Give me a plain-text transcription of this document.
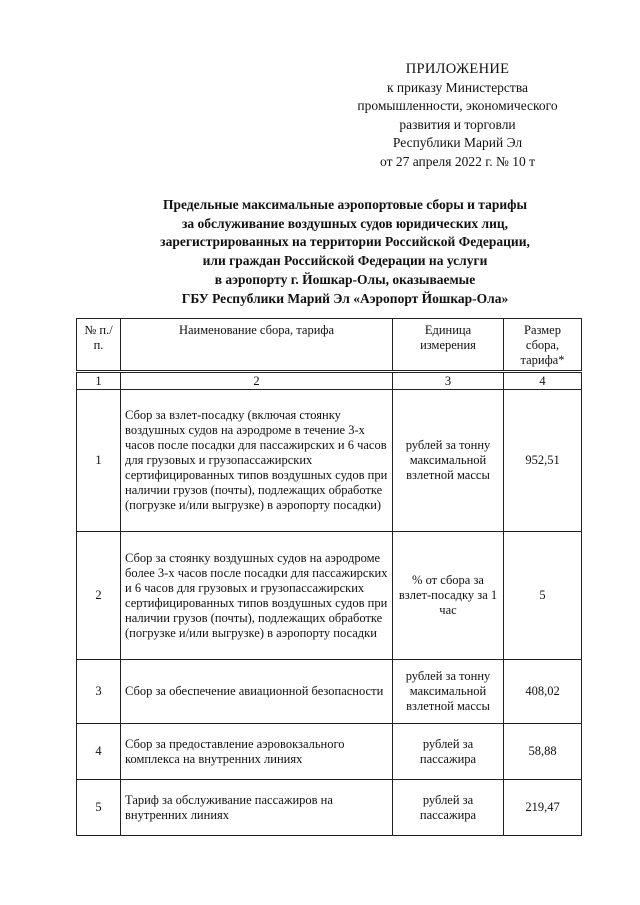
ПРИЛОЖЕНИЕ
к приказу Министерства
промышленности, экономического
развития и торговли
Республики Марий Эл
от 27 апреля 2022 г. № 10 т
Предельные максимальные аэропортовые сборы и тарифы
за обслуживание воздушных судов юридических лиц,
зарегистрированных на территории Российской Федерации,
или граждан Российской Федерации на услуги
в аэропорту г. Йошкар-Олы, оказываемые
ГБУ Республики Марий Эл «Аэропорт Йошкар-Ола»
№ п./п.	Наименование сбора, тарифа	Единица измерения	Размер сбора, тарифа*
1	2	3	4
1	Сбор за взлет-посадку (включая стоянку воздушных судов на аэродроме в течение 3-х часов после посадки для пассажирских и 6 часов для грузовых и грузопассажирских сертифицированных типов воздушных судов при наличии грузов (почты), подлежащих обработке (погрузке и/или выгрузке) в аэропорту посадки)	рублей за тонну максимальной взлетной массы	952,51
2	Сбор за стоянку воздушных судов на аэродроме более 3-х часов после посадки для пассажирских и 6 часов для грузовых и грузопассажирских сертифицированных типов воздушных судов при наличии грузов (почты), подлежащих обработке (погрузке и/или выгрузке) в аэропорту посадки	% от сбора за взлет-посадку за 1 час	5
3	Сбор за обеспечение авиационной безопасности	рублей за тонну максимальной взлетной массы	408,02
4	Сбор за предоставление аэровокзального комплекса на внутренних линиях	рублей за пассажира	58,88
5	Тариф за обслуживание пассажиров на внутренних линиях	рублей за пассажира	219,47
